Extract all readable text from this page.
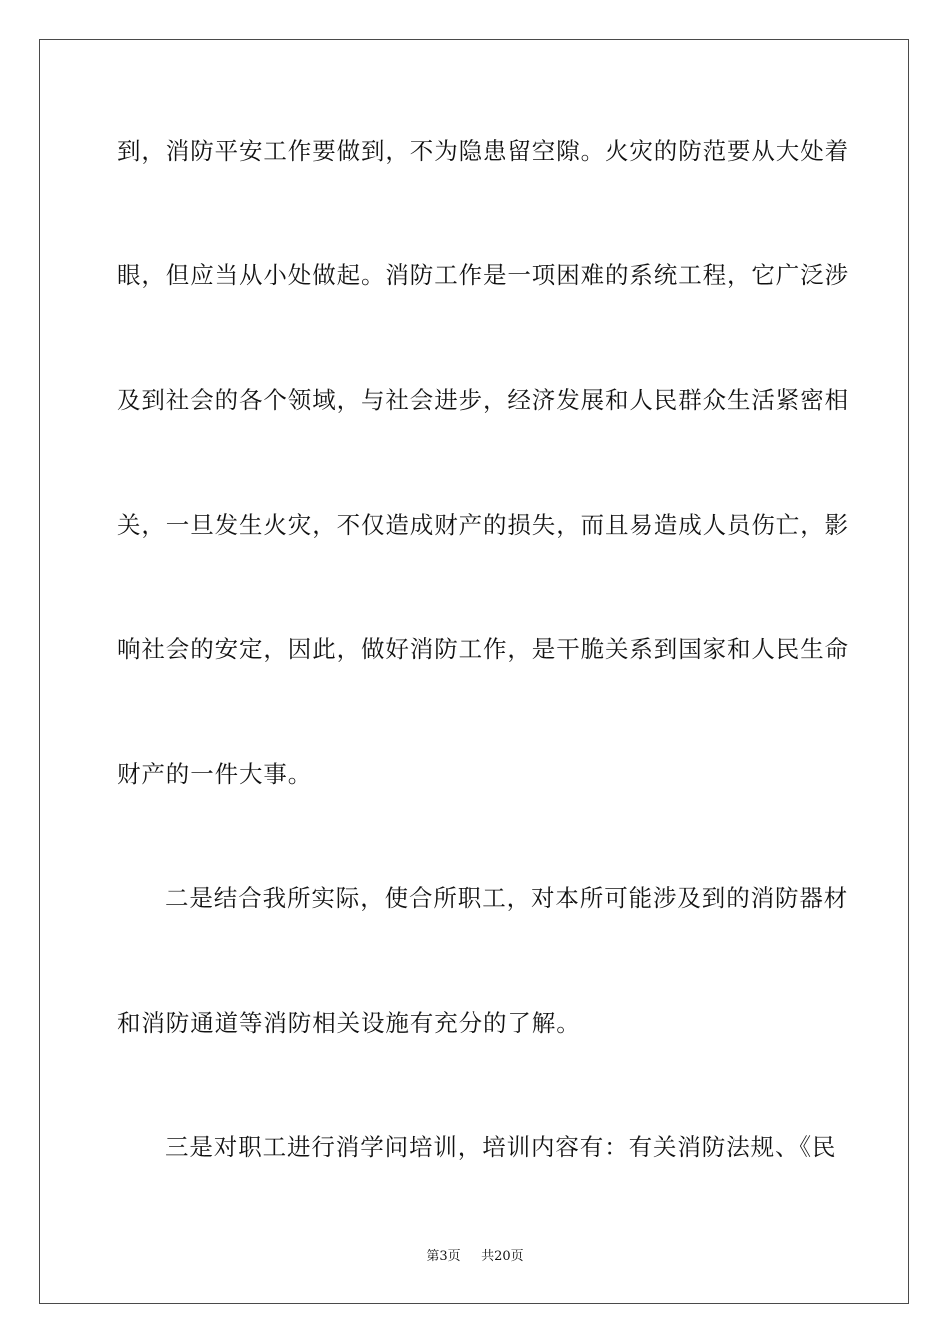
到，消防平安工作要做到，不为隐患留空隙。火灾的防范要从大处着
眼，但应当从小处做起。消防工作是一项困难的系统工程，它广泛涉
及到社会的各个领域，与社会进步，经济发展和人民群众生活紧密相
关，一旦发生火灾，不仅造成财产的损失，而且易造成人员伤亡，影
响社会的安定，因此，做好消防工作，是干脆关系到国家和人民生命
财产的一件大事。
二是结合我所实际，使合所职工，对本所可能涉及到的消防器材
和消防通道等消防相关设施有充分的了解。
三是对职工进行消学问培训，培训内容有：有关消防法规、《民
第3页 共20页
